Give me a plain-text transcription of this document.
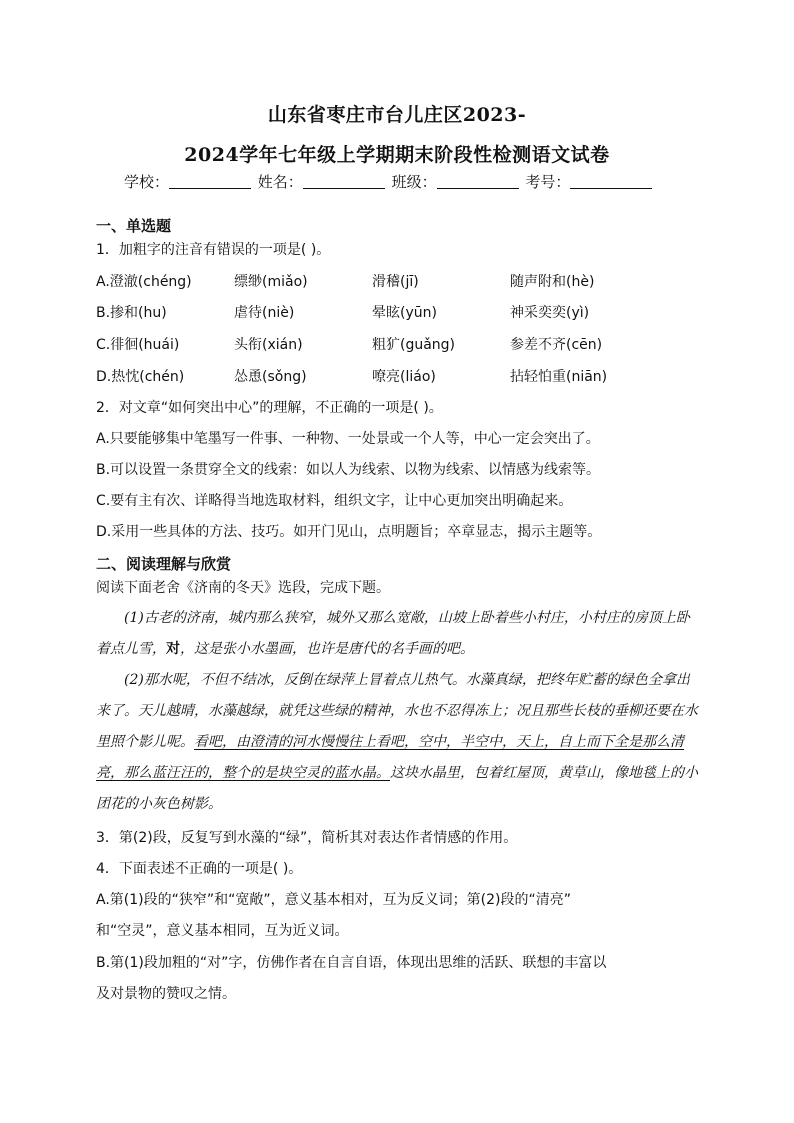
山东省枣庄市台儿庄区2023-
2024学年七年级上学期期末阶段性检测语文试卷
学校：	姓名：	班级：	考号：
一、单选题
1．加粗字的注音有错误的一项是( )。
A.澄澈(chéng)	缥缈(miǎo)	滑稽(jī)	随声附和(hè)
B.掺和(hu)	虐待(niè)	晕眩(yūn)	神采奕奕(yì)
C.徘徊(huái)	头衔(xián)	粗犷(guǎng)	参差不齐(cēn)
D.热忱(chén)	怂恿(sǒng)	嘹亮(liáo)	拈轻怕重(niān)
2．对文章“如何突出中心”的理解，不正确的一项是( )。
A.只要能够集中笔墨写一件事、一种物、一处景或一个人等，中心一定会突出了。
B.可以设置一条贯穿全文的线索：如以人为线索、以物为线索、以情感为线索等。
C.要有主有次、详略得当地选取材料，组织文字，让中心更加突出明确起来。
D.采用一些具体的方法、技巧。如开门见山，点明题旨；卒章显志，揭示主题等。
二、阅读理解与欣赏
阅读下面老舍《济南的冬天》选段，完成下题。
(1)古老的济南，城内那么狭窄，城外又那么宽敞，山坡上卧着些小村庄，小村庄的房顶上卧着点儿雪，对，这是张小水墨画，也许是唐代的名手画的吧。
(2)那水呢，不但不结冰，反倒在绿萍上冒着点儿热气。水藻真绿，把终年贮蓄的绿色全拿出来了。天儿越晴，水藻越绿，就凭这些绿的精神，水也不忍得冻上；况且那些长枝的垂柳还要在水里照个影儿呢。看吧，由澄清的河水慢慢往上看吧，空中，半空中，天上，自上而下全是那么清亮，那么蓝汪汪的，整个的是块空灵的蓝水晶。这块水晶里，包着红屋顶，黄草山，像地毯上的小团花的小灰色树影。
3．第(2)段，反复写到水藻的“绿”，简析其对表达作者情感的作用。
4．下面表述不正确的一项是( )。
A.第(1)段的“狭窄”和“宽敞”，意义基本相对，互为反义词；第(2)段的“清亮”
和“空灵”，意义基本相同，互为近义词。
B.第(1)段加粗的“对”字，仿佛作者在自言自语，体现出思维的活跃、联想的丰富以
及对景物的赞叹之情。
